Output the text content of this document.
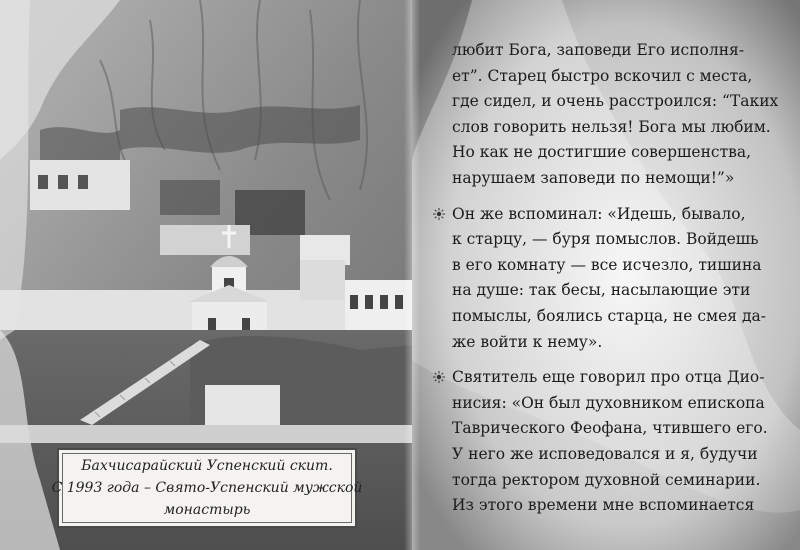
Бахчисарайский Успенский скит.
С 1993 года – Свято-Успенский мужской
монастырь
любит Бога, заповеди Его исполня-
ет”. Старец быстро вскочил с места,
где сидел, и очень расстроился: “Таких
слов говорить нельзя! Бога мы любим.
Но как не достигшие совершенства,
нарушаем заповеди по немощи!”»
Он же вспоминал: «Идешь, бывало,
к старцу, — буря помыслов. Войдешь
в его комнату — все исчезло, тишина
на душе: так бесы, насылающие эти
помыслы, боялись старца, не смея да-
же войти к нему».
Святитель еще говорил про отца Дио-
нисия: «Он был духовником епископа
Таврического Феофана, чтившего его.
У него же исповедовался и я, будучи
тогда ректором духовной семинарии.
Из этого времени мне вспоминается
